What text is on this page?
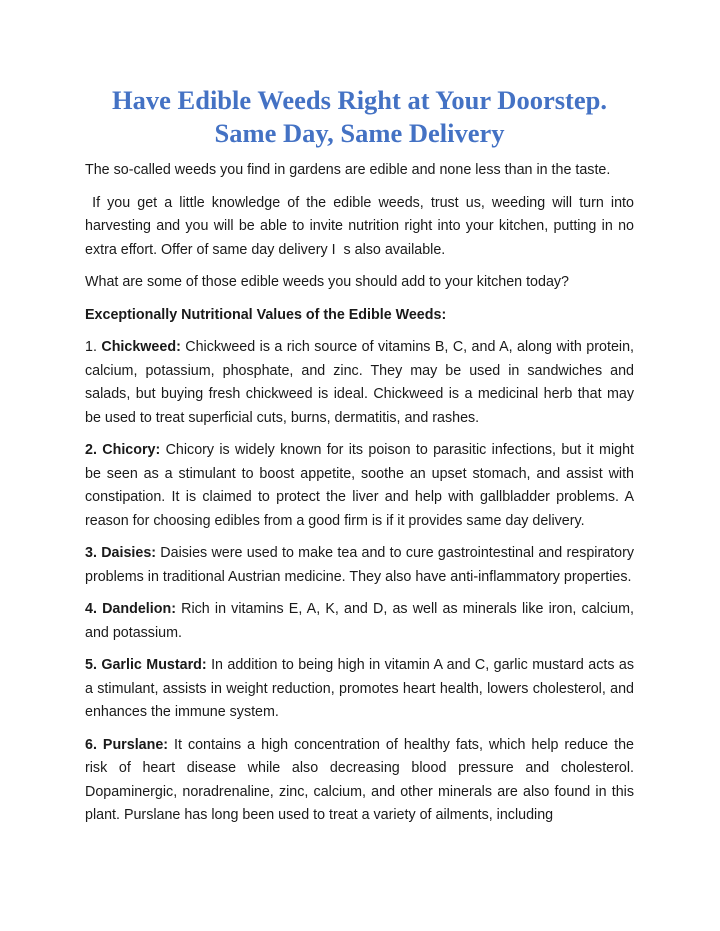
Have Edible Weeds Right at Your Doorstep.
Same Day, Same Delivery

The so-called weeds you find in gardens are edible and none less than in the taste.

If you get a little knowledge of the edible weeds, trust us, weeding will turn into harvesting and you will be able to invite nutrition right into your kitchen, putting in no extra effort. Offer of same day delivery I  s also available.

What are some of those edible weeds you should add to your kitchen today?

Exceptionally Nutritional Values of the Edible Weeds:

1. Chickweed: Chickweed is a rich source of vitamins B, C, and A, along with protein, calcium, potassium, phosphate, and zinc. They may be used in sandwiches and salads, but buying fresh chickweed is ideal. Chickweed is a medicinal herb that may be used to treat superficial cuts, burns, dermatitis, and rashes.

2. Chicory: Chicory is widely known for its poison to parasitic infections, but it might be seen as a stimulant to boost appetite, soothe an upset stomach, and assist with constipation. It is claimed to protect the liver and help with gallbladder problems. A reason for choosing edibles from a good firm is if it provides same day delivery.

3. Daisies: Daisies were used to make tea and to cure gastrointestinal and respiratory problems in traditional Austrian medicine. They also have anti-inflammatory properties.

4. Dandelion: Rich in vitamins E, A, K, and D, as well as minerals like iron, calcium, and potassium.

5. Garlic Mustard: In addition to being high in vitamin A and C, garlic mustard acts as a stimulant, assists in weight reduction, promotes heart health, lowers cholesterol, and enhances the immune system.

6. Purslane: It contains a high concentration of healthy fats, which help reduce the risk of heart disease while also decreasing blood pressure and cholesterol. Dopaminergic, noradrenaline, zinc, calcium, and other minerals are also found in this plant. Purslane has long been used to treat a variety of ailments, including
